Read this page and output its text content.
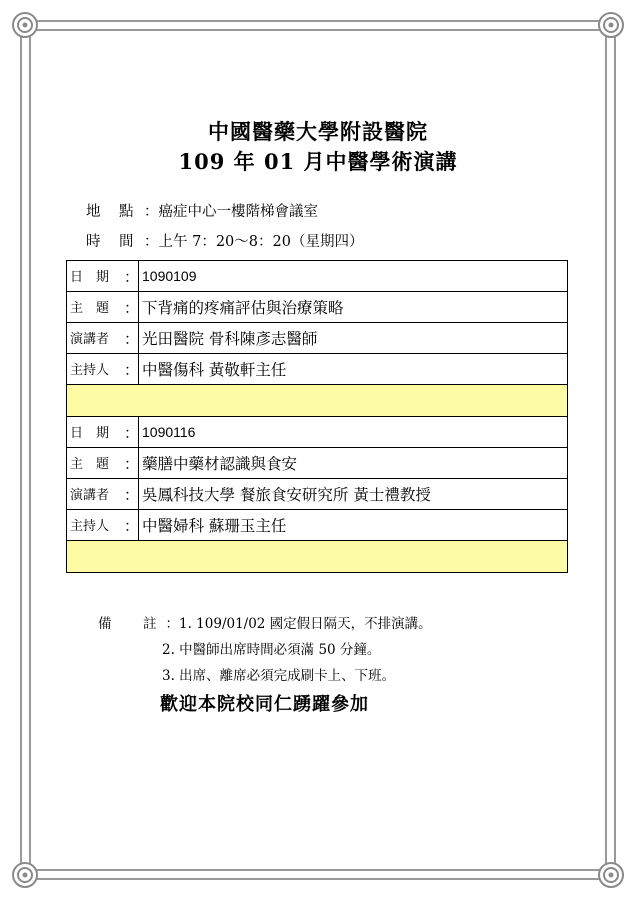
中國醫藥大學附設醫院
109 年 01 月中醫學術演講
地　點 ：癌症中心一樓階梯會議室
時　間 ：上午 7：20～8：20（星期四）
日　期 ：	1090109
主　題 ：	下背痛的疼痛評估與治療策略
演講者 ：	光田醫院 骨科陳彥志醫師
主持人 ：	中醫傷科 黃敬軒主任

日　期 ：	1090116
主　題 ：	藥膳中藥材認識與食安
演講者 ：	吳鳳科技大學 餐旅食安研究所 黃士禮教授
主持人 ：	中醫婦科 蘇珊玉主任

備　註：1. 109/01/02 國定假日隔天，不排演講。
2. 中醫師出席時間必須滿 50 分鐘。
3. 出席、離席必須完成刷卡上、下班。
歡迎本院校同仁踴躍參加
